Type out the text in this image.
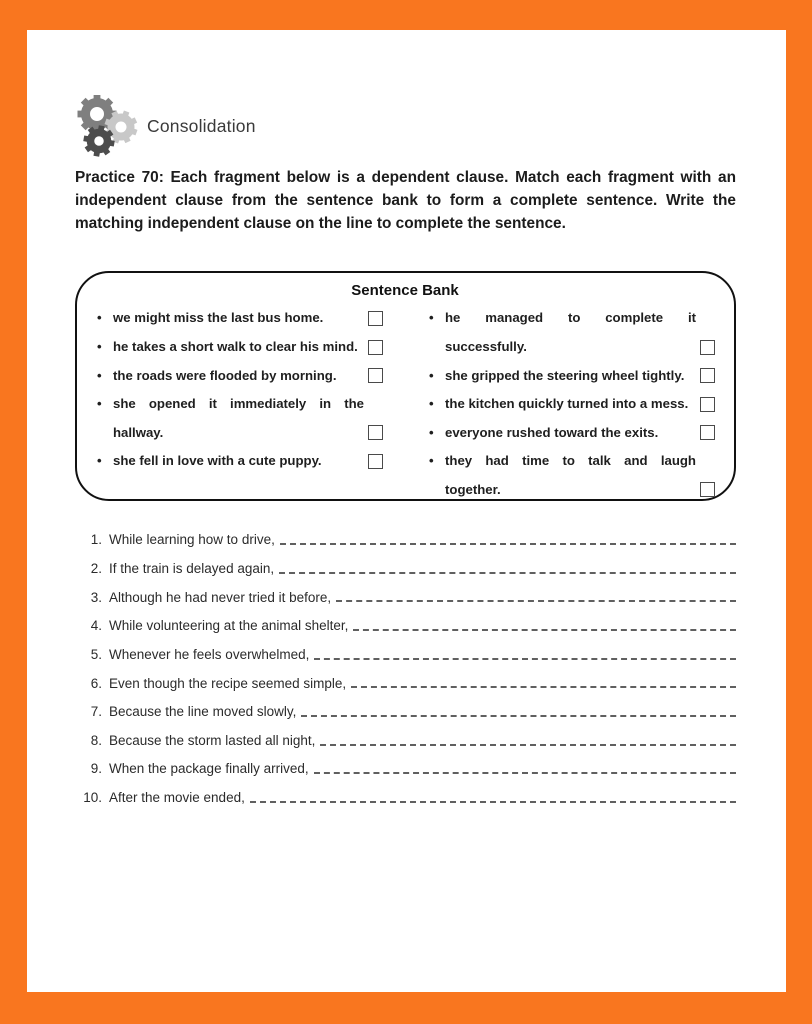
Consolidation

Practice 70: Each fragment below is a dependent clause. Match each fragment with an independent clause from the sentence bank to form a complete sentence. Write the matching independent clause on the line to complete the sentence.

Sentence Bank
• we might miss the last bus home.
• he takes a short walk to clear his mind.
• the roads were flooded by morning.
• she opened it immediately in the hallway.
• she fell in love with a cute puppy.
• he managed to complete it successfully.
• she gripped the steering wheel tightly.
• the kitchen quickly turned into a mess.
• everyone rushed toward the exits.
• they had time to talk and laugh together.
1. While learning how to drive,
2. If the train is delayed again,
3. Although he had never tried it before,
4. While volunteering at the animal shelter,
5. Whenever he feels overwhelmed,
6. Even though the recipe seemed simple,
7. Because the line moved slowly,
8. Because the storm lasted all night,
9. When the package finally arrived,
10. After the movie ended,
